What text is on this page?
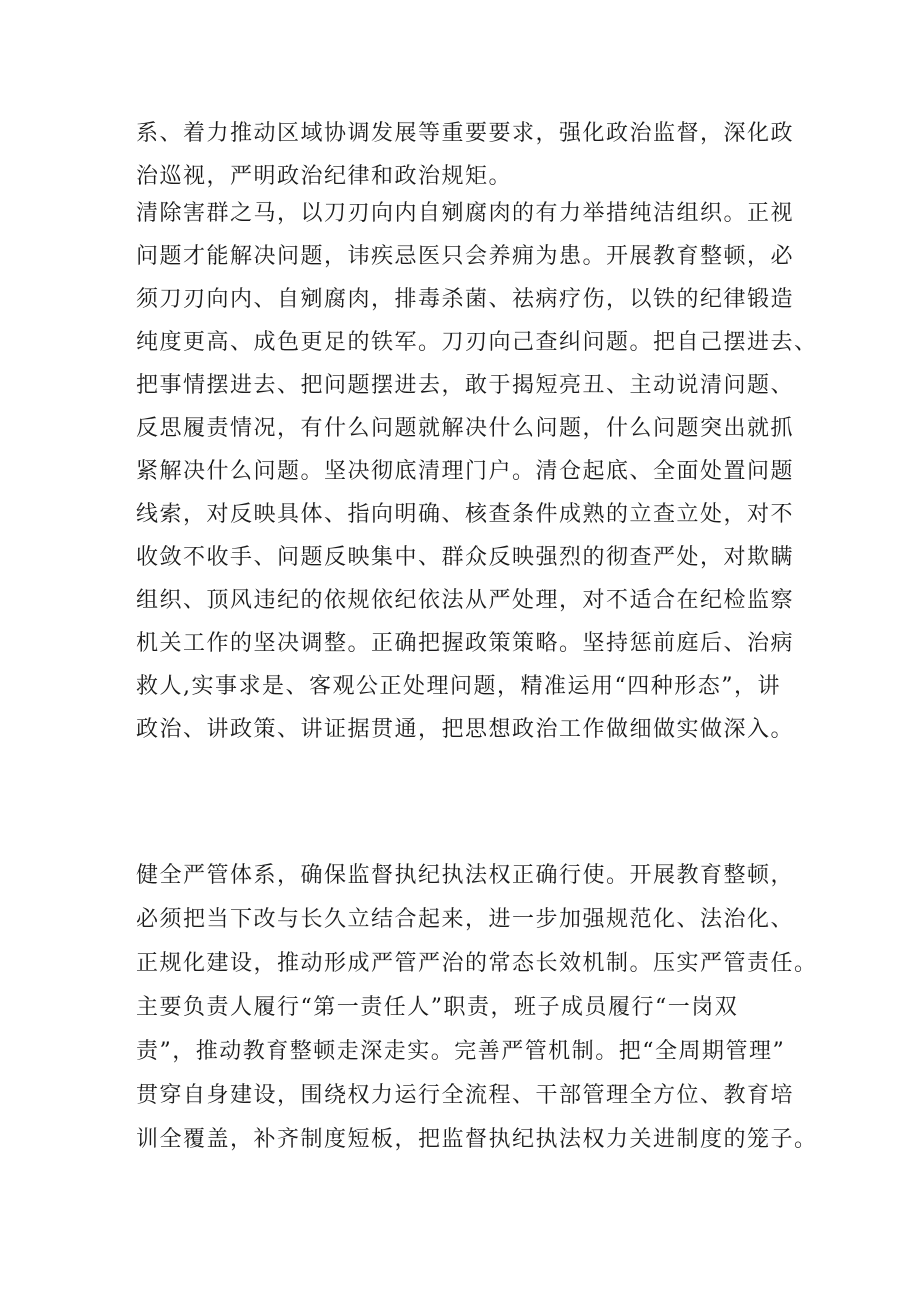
系、着力推动区域协调发展等重要要求，强化政治监督，深化政
治巡视，严明政治纪律和政治规矩。
清除害群之马，以刀刃向内自剜腐肉的有力举措纯洁组织。正视
问题才能解决问题，讳疾忌医只会养痈为患。开展教育整顿，必
须刀刃向内、自剜腐肉，排毒杀菌、祛病疗伤，以铁的纪律锻造
纯度更高、成色更足的铁军。刀刃向己查纠问题。把自己摆进去、
把事情摆进去、把问题摆进去，敢于揭短亮丑、主动说清问题、
反思履责情况，有什么问题就解决什么问题，什么问题突出就抓
紧解决什么问题。坚决彻底清理门户。清仓起底、全面处置问题
线索，对反映具体、指向明确、核查条件成熟的立查立处，对不
收敛不收手、问题反映集中、群众反映强烈的彻查严处，对欺瞒
组织、顶风违纪的依规依纪依法从严处理，对不适合在纪检监察
机关工作的坚决调整。正确把握政策策略。坚持惩前庭后、治病
救人,实事求是、客观公正处理问题，精准运用“四种形态”，讲
政治、讲政策、讲证据贯通，把思想政治工作做细做实做深入。
健全严管体系，确保监督执纪执法权正确行使。开展教育整顿，
必须把当下改与长久立结合起来，进一步加强规范化、法治化、
正规化建设，推动形成严管严治的常态长效机制。压实严管责任。
主要负责人履行“第一责任人”职责，班子成员履行“一岗双
责”，推动教育整顿走深走实。完善严管机制。把“全周期管理”
贯穿自身建设，围绕权力运行全流程、干部管理全方位、教育培
训全覆盖，补齐制度短板，把监督执纪执法权力关进制度的笼子。
